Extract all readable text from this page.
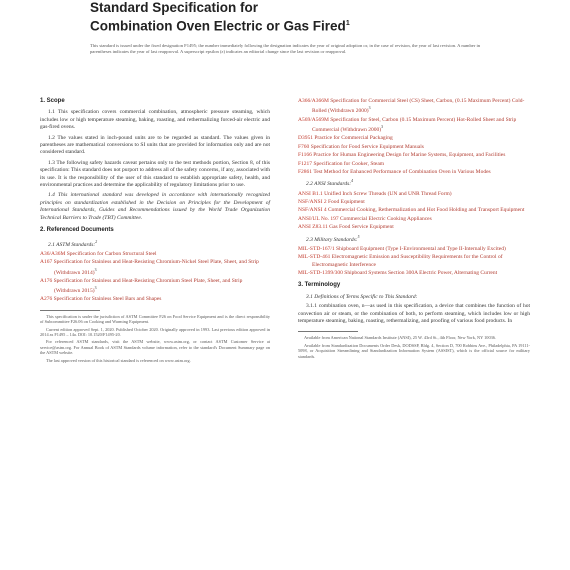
Standard Specification for
Combination Oven Electric or Gas Fired$^1$
This standard is issued under the fixed designation F1495; the number immediately following the designation indicates the year of original adoption or, in the case of revision, the year of last revision. A number in parentheses indicates the year of last reapproval. A superscript epsilon (ε) indicates an editorial change since the last revision or reapproval.
1. Scope

1.1 This specification covers commercial combination, atmospheric pressure steaming, which includes low or high temperature steaming, baking, roasting, and rethermalizing forced-air electric and gas-fired ovens.

1.2 The values stated in inch-pound units are to be regarded as standard. The values given in parentheses are mathematical conversions to SI units that are provided for information only and are not considered standard.

1.3 The following safety hazards caveat pertains only to the test methods portion, Section 8, of this specification: This standard does not purport to address all of the safety concerns, if any, associated with its use. It is the responsibility of the user of this standard to establish appropriate safety, health, and environmental practices and determine the applicability of regulatory limitations prior to use.

1.4 This international standard was developed in accordance with internationally recognized principles on standardization established in the Decision on Principles for the Development of International Standards, Guides and Recommendations issued by the World Trade Organization Technical Barriers to Trade (TBT) Committee.

2. Referenced Documents
2.1 ASTM Standards:$^2$
A36/A36M Specification for Carbon Structural Steel
A167 Specification for Stainless and Heat-Resisting Chromium-Nickel Steel Plate, Sheet, and Strip (Withdrawn 2014)$^3$
A176 Specification for Stainless and Heat-Resisting Chromium Steel Plate, Sheet, and Strip (Withdrawn 2015)$^3$
A276 Specification for Stainless Steel Bars and Shapes
This specification is under the jurisdiction of ASTM Committee F26 on Food Service Equipment and is the direct responsibility of Subcommittee F26.06 on Cooking and Warming Equipment.
Current edition approved Sept. 1, 2020. Published October 2020. Originally approved in 1993. Last previous edition approved in 2014 as F1495 – 14a. DOI: 10.1520/F1495-20.
For referenced ASTM standards, visit the ASTM website, www.astm.org, or contact ASTM Customer Service at service@astm.org. For Annual Book of ASTM Standards volume information, refer to the standard's Document Summary page on the ASTM website.
The last approved version of this historical standard is referenced on www.astm.org.
A366/A366M Specification for Commercial Steel (CS) Sheet, Carbon, (0.15 Maximum Percent) Cold-Rolled (Withdrawn 2000)$^3$
A569/A569M Specification for Steel, Carbon (0.15 Maximum Percent) Hot-Rolled Sheet and Strip Commercial (Withdrawn 2000)$^3$
D3951 Practice for Commercial Packaging
F760 Specification for Food Service Equipment Manuals
F1166 Practice for Human Engineering Design for Marine Systems, Equipment, and Facilities
F1217 Specification for Cooker, Steam
F2861 Test Method for Enhanced Performance of Combination Oven in Various Modes
2.2 ANSI Standards:$^4$
ANSI B1.1 Unified Inch Screw Threads (UN and UNR Thread Form)
NSF/ANSI 2 Food Equipment
NSF/ANSI 4 Commercial Cooking, Rethermalization and Hot Food Holding and Transport Equipment
ANSI/UL No. 197 Commercial Electric Cooking Appliances
ANSI Z83.11 Gas Food Service Equipment
2.3 Military Standards:$^5$
MIL-STD-167/1 Shipboard Equipment (Type I-Environmental and Type II-Internally Excited)
MIL-STD-461 Electromagnetic Emission and Susceptibility Requirements for the Control of Electromagnetic Interference
MIL-STD-1399/300 Shipboard Systems Section 300A Electric Power, Alternating Current
3. Terminology
3.1 Definitions of Terms Specific to This Standard:

3.1.1 combination oven, n—as used in this specification, a device that combines the function of hot convection air or steam, or the combination of both, to perform steaming, which includes low or high temperature steaming, baking, roasting, rethermalizing, and proofing of various food products. In

Available from American National Standards Institute (ANSI), 25 W. 43rd St., 4th Floor, New York, NY 10036.
Available from Standardization Documents Order Desk, DODSSP, Bldg. 4, Section D, 700 Robbins Ave., Philadelphia, PA 19111-5098, or Acquisition Streamlining and Standardization Information System (ASSIST), which is the official source for military standards.
